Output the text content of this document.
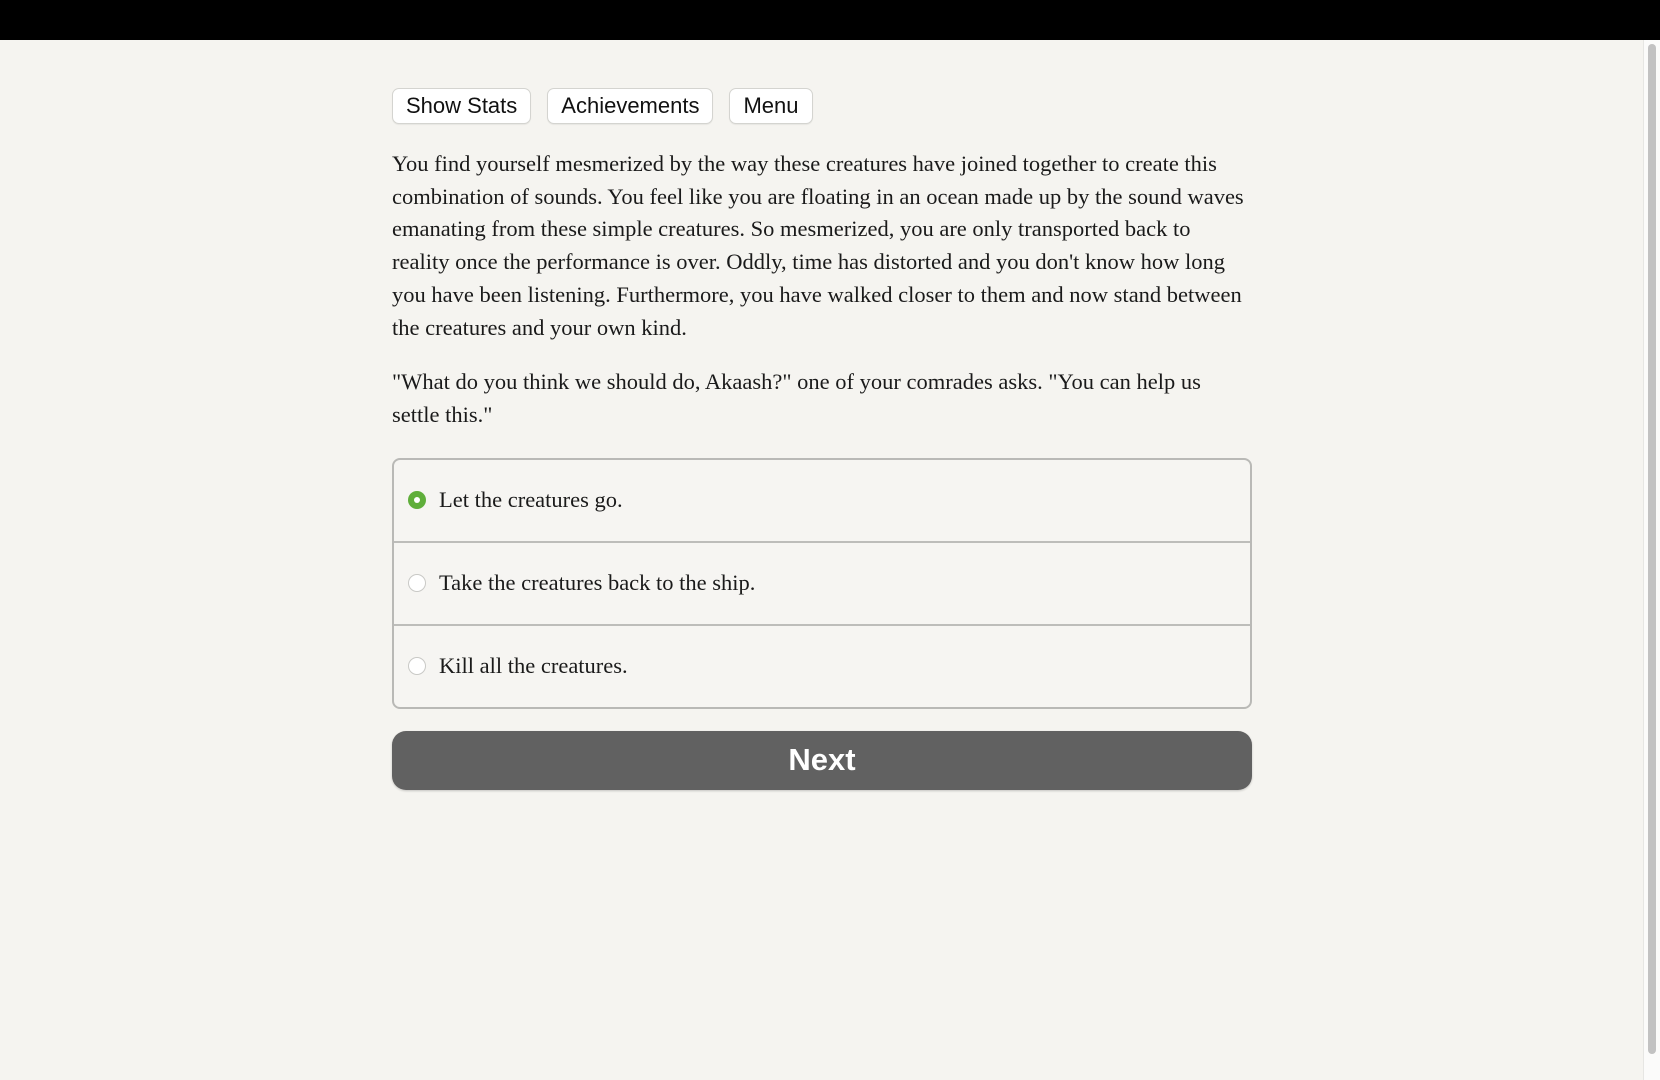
Show Stats	Achievements	Menu

You find yourself mesmerized by the way these creatures have joined together to create this combination of sounds. You feel like you are floating in an ocean made up by the sound waves emanating from these simple creatures. So mesmerized, you are only transported back to reality once the performance is over. Oddly, time has distorted and you don't know how long you have been listening. Furthermore, you have walked closer to them and now stand between the creatures and your own kind.

"What do you think we should do, Akaash?" one of your comrades asks. "You can help us settle this."

Let the creatures go.
Take the creatures back to the ship.
Kill all the creatures.
Next
